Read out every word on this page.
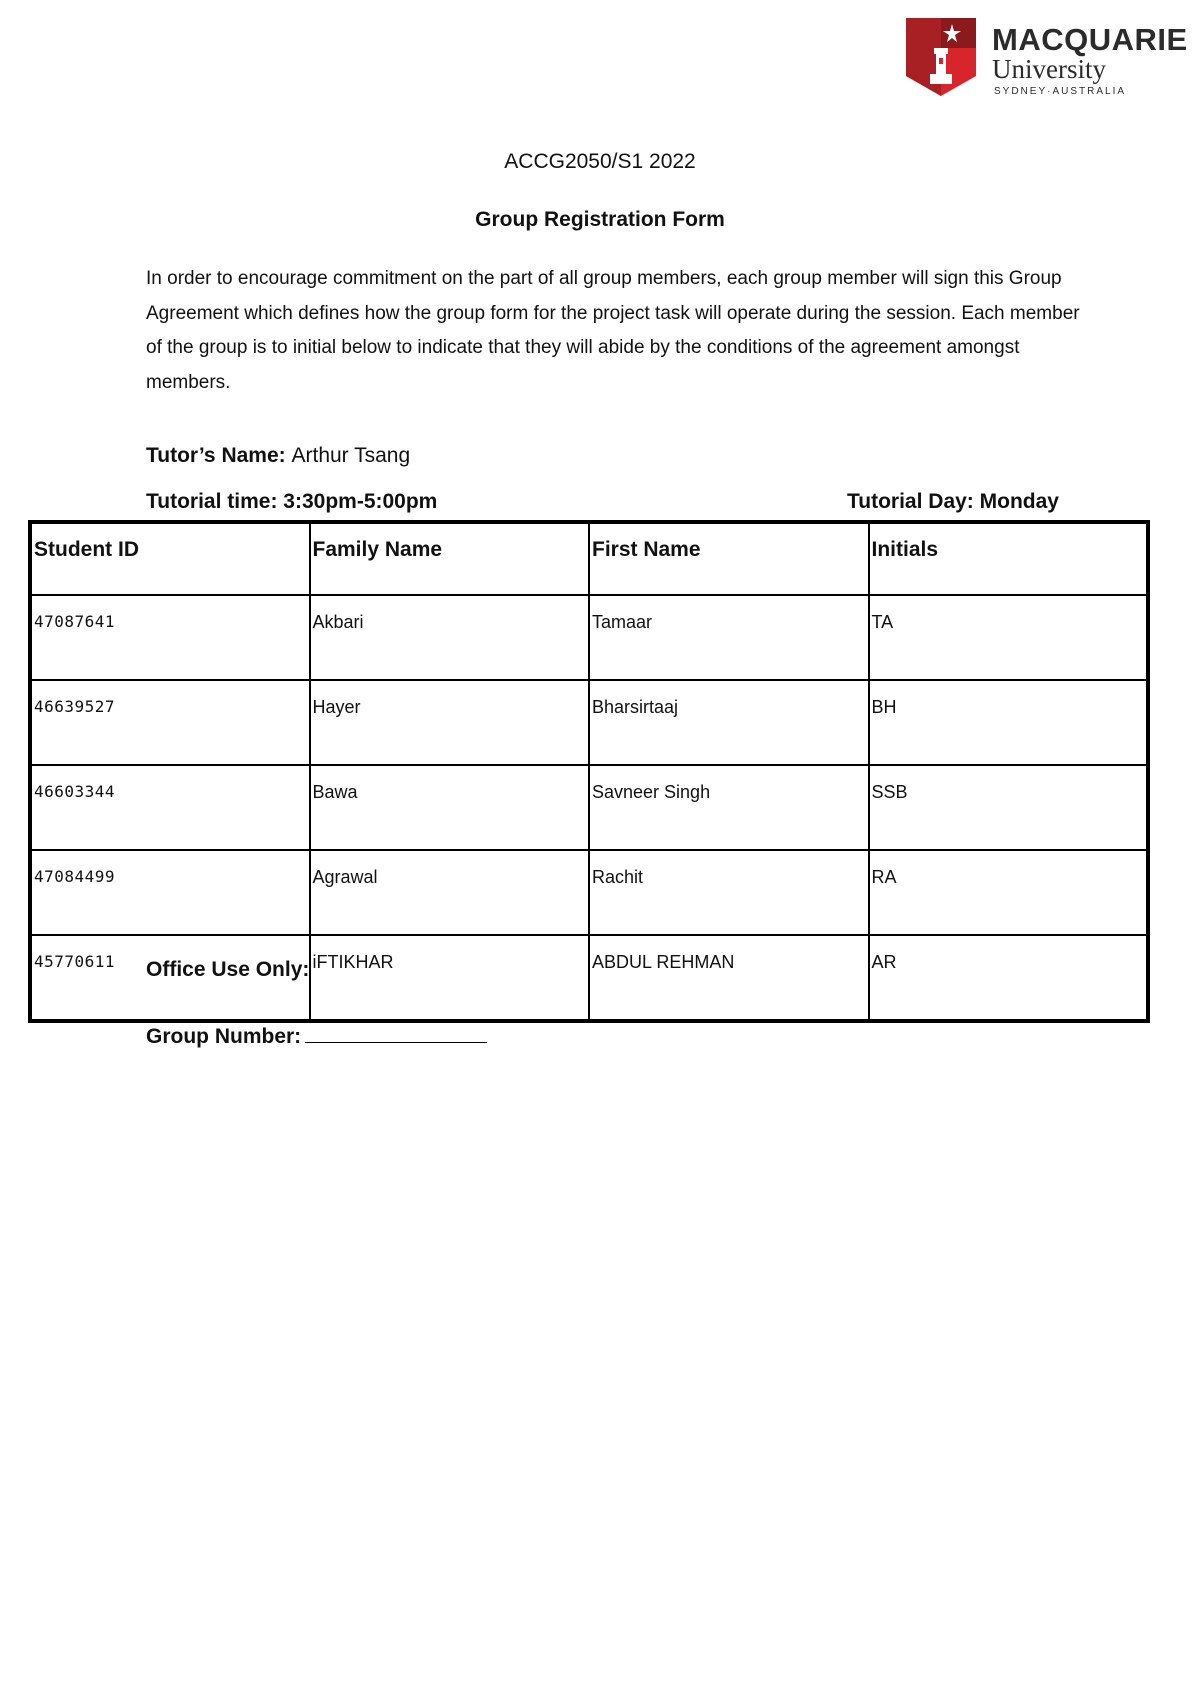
MACQUARIE
University
SYDNEY·AUSTRALIA
ACCG2050/S1 2022
Group Registration Form
In order to encourage commitment on the part of all group members, each group member will sign this Group Agreement which defines how the group form for the project task will operate during the session. Each member of the group is to initial below to indicate that they will abide by the conditions of the agreement amongst members.
Tutor’s Name: Arthur Tsang
Tutorial time: 3:30pm-5:00pm	Tutorial Day: Monday
Student ID	Family Name	First Name	Initials
47087641	Akbari	Tamaar	TA
46639527	Hayer	Bharsirtaaj	BH
46603344	Bawa	Savneer Singh	SSB
47084499	Agrawal	Rachit	RA
45770611	iFTIKHAR	ABDUL REHMAN	AR
Office Use Only:
Group Number:
